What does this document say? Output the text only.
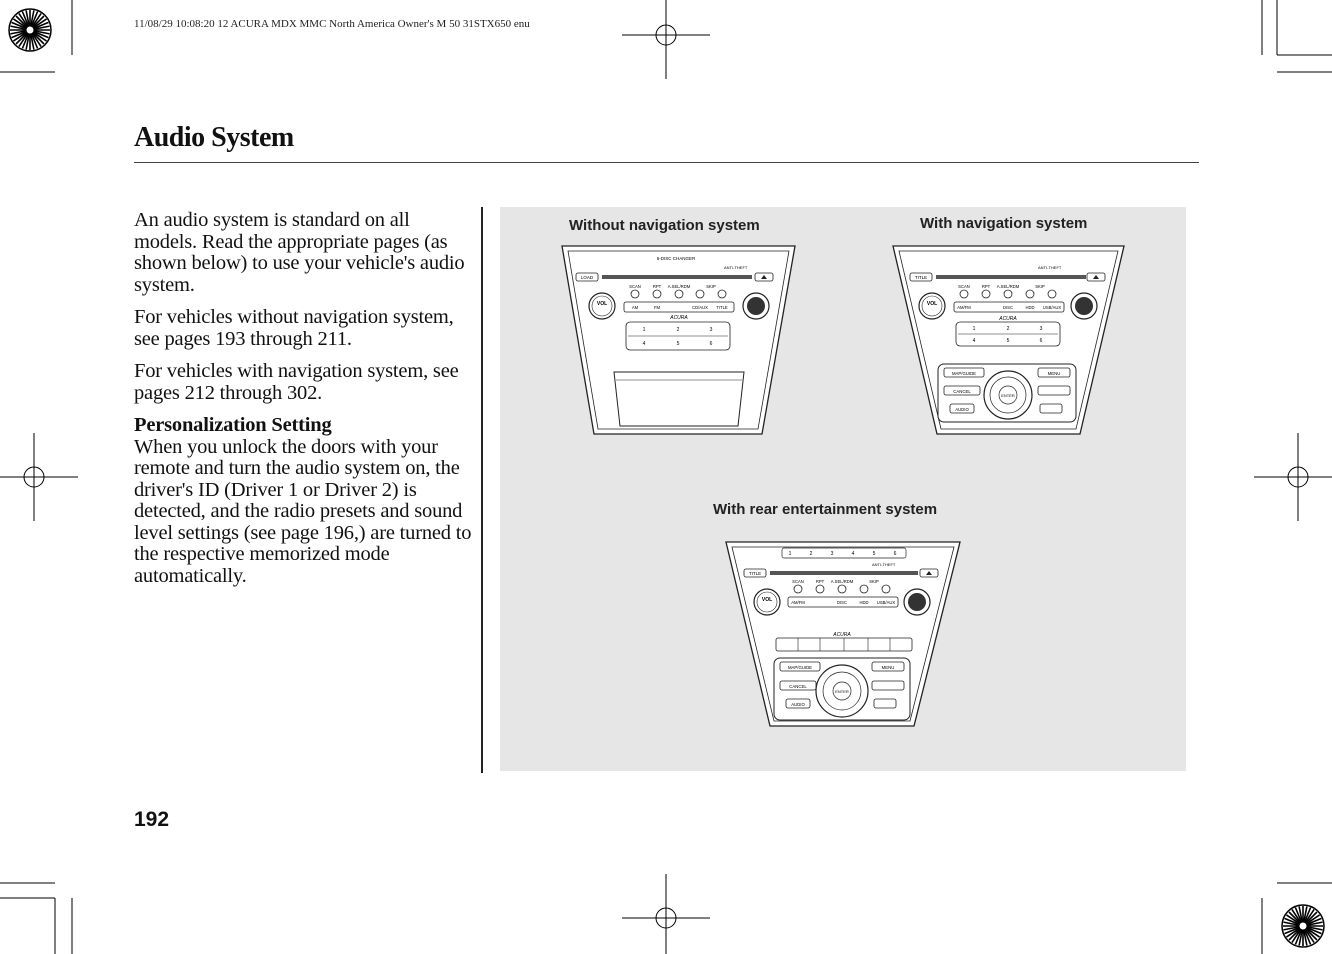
11/08/29 10:08:20 12 ACURA MDX MMC North America Owner's M 50 31STX650 enu
Audio System

An audio system is standard on all models. Read the appropriate pages (as shown below) to use your vehicle's audio system.

For vehicles without navigation system, see pages 193 through 211.

For vehicles with navigation system, see pages 212 through 302.

Personalization Setting
When you unlock the doors with your remote and turn the audio system on, the driver's ID (Driver 1 or Driver 2) is detected, and the radio presets and sound level settings (see page 196,) are turned to the respective memorized mode automatically.
Without navigation system	With navigation system
With rear entertainment system
6-DISC CHANGER
ANTI-THEFT
LOAD
SCAN	RPT A.SEL/RDM	SKIP
VOL
AM	FM	CD/AUX TITLE
ACURA
1	2	3
4	5	6
ANTI-THEFT
TITLE
SCAN	RPT A.SEL/RDM	SKIP
VOL
AM/FM	DISC	HDD USB/AUX
ACURA
1	2	3
4	5	6
MAP/GUIDE	MENU
CANCEL
AUDIO
ENTER
1	2	3	4	5	6
ANTI-THEFT
TITLE
SCAN	RPT A.SEL/RDM	SKIP
VOL	AM/FM	DISC	HDD USB/AUX
ACURA
MAP/GUIDE	MENU
CANCEL
AUDIO
ENTER
192
